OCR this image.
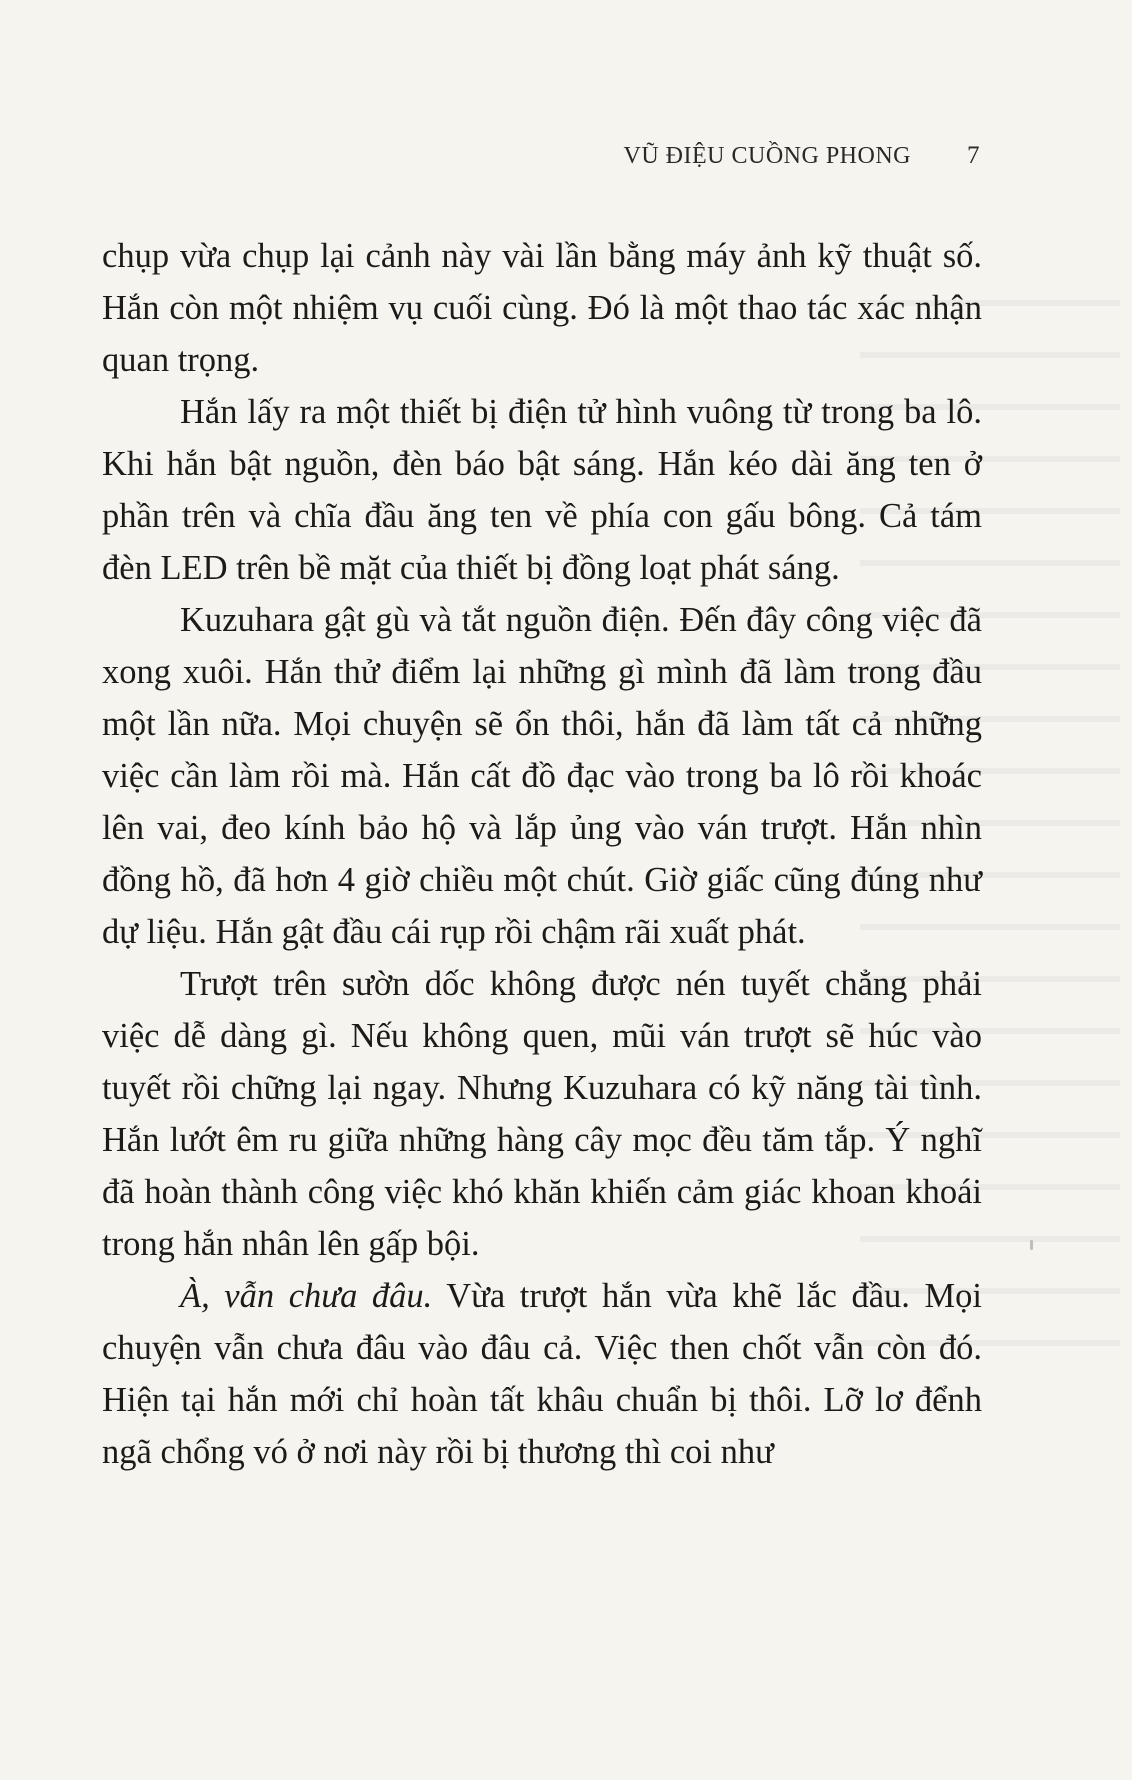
VŨ ĐIỆU CUỒNG PHONG 7

chụp vừa chụp lại cảnh này vài lần bằng máy ảnh kỹ thuật số. Hắn còn một nhiệm vụ cuối cùng. Đó là một thao tác xác nhận quan trọng.

Hắn lấy ra một thiết bị điện tử hình vuông từ trong ba lô. Khi hắn bật nguồn, đèn báo bật sáng. Hắn kéo dài ăng ten ở phần trên và chĩa đầu ăng ten về phía con gấu bông. Cả tám đèn LED trên bề mặt của thiết bị đồng loạt phát sáng.

Kuzuhara gật gù và tắt nguồn điện. Đến đây công việc đã xong xuôi. Hắn thử điểm lại những gì mình đã làm trong đầu một lần nữa. Mọi chuyện sẽ ổn thôi, hắn đã làm tất cả những việc cần làm rồi mà. Hắn cất đồ đạc vào trong ba lô rồi khoác lên vai, đeo kính bảo hộ và lắp ủng vào ván trượt. Hắn nhìn đồng hồ, đã hơn 4 giờ chiều một chút. Giờ giấc cũng đúng như dự liệu. Hắn gật đầu cái rụp rồi chậm rãi xuất phát.

Trượt trên sườn dốc không được nén tuyết chẳng phải việc dễ dàng gì. Nếu không quen, mũi ván trượt sẽ húc vào tuyết rồi chững lại ngay. Nhưng Kuzuhara có kỹ năng tài tình. Hắn lướt êm ru giữa những hàng cây mọc đều tăm tắp. Ý nghĩ đã hoàn thành công việc khó khăn khiến cảm giác khoan khoái trong hắn nhân lên gấp bội.

À, vẫn chưa đâu. Vừa trượt hắn vừa khẽ lắc đầu. Mọi chuyện vẫn chưa đâu vào đâu cả. Việc then chốt vẫn còn đó. Hiện tại hắn mới chỉ hoàn tất khâu chuẩn bị thôi. Lỡ lơ đểnh ngã chổng vó ở nơi này rồi bị thương thì coi như
